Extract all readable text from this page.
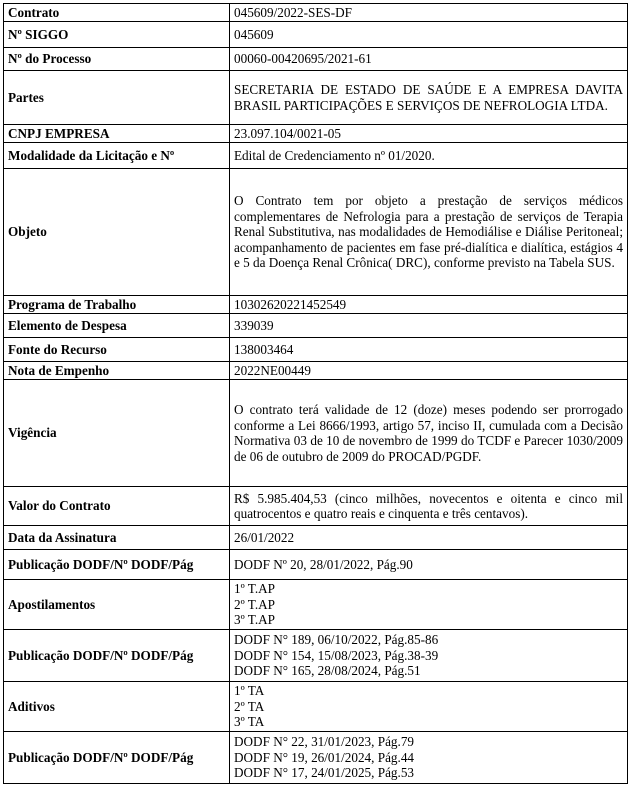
Contrato	045609/2022-SES-DF
Nº SIGGO	045609
Nº do Processo	00060-00420695/2021-61
Partes	SECRETARIA DE ESTADO DE SAÚDE E A EMPRESA DAVITA BRASIL PARTICIPAÇÕES E SERVIÇOS DE NEFROLOGIA LTDA.
CNPJ EMPRESA	23.097.104/0021-05
Modalidade da Licitação e Nº	Edital de Credenciamento nº 01/2020.
Objeto	O Contrato tem por objeto a prestação de serviços médicos complementares de Nefrologia para a prestação de serviços de Terapia Renal Substitutiva, nas modalidades de Hemodiálise e Diálise Peritoneal; acompanhamento de pacientes em fase pré-dialítica e dialítica, estágios 4 e 5 da Doença Renal Crônica( DRC), conforme previsto na Tabela SUS.
Programa de Trabalho	10302620221452549
Elemento de Despesa	339039
Fonte do Recurso	138003464
Nota de Empenho	2022NE00449
Vigência	O contrato terá validade de 12 (doze) meses podendo ser prorrogado conforme a Lei 8666/1993, artigo 57, inciso II, cumulada com a Decisão Normativa 03 de 10 de novembro de 1999 do TCDF e Parecer 1030/2009 de 06 de outubro de 2009 do PROCAD/PGDF.
Valor do Contrato	R$ 5.985.404,53 (cinco milhões, novecentos e oitenta e cinco mil quatrocentos e quatro reais e cinquenta e três centavos).
Data da Assinatura	26/01/2022
Publicação DODF/Nº DODF/Pág	DODF Nº 20, 28/01/2022, Pág.90
Apostilamentos	1º T.AP
2º T.AP
3º T.AP

Publicação DODF/Nº DODF/Pág	DODF N° 189, 06/10/2022, Pág.85-86
DODF N° 154, 15/08/2023, Pág.38-39
DODF N° 165, 28/08/2024, Pág.51

Aditivos	1º TA
2º TA
3º TA

Publicação DODF/Nº DODF/Pág	DODF N° 22, 31/01/2023, Pág.79
DODF N° 19, 26/01/2024, Pág.44
DODF N° 17, 24/01/2025, Pág.53
